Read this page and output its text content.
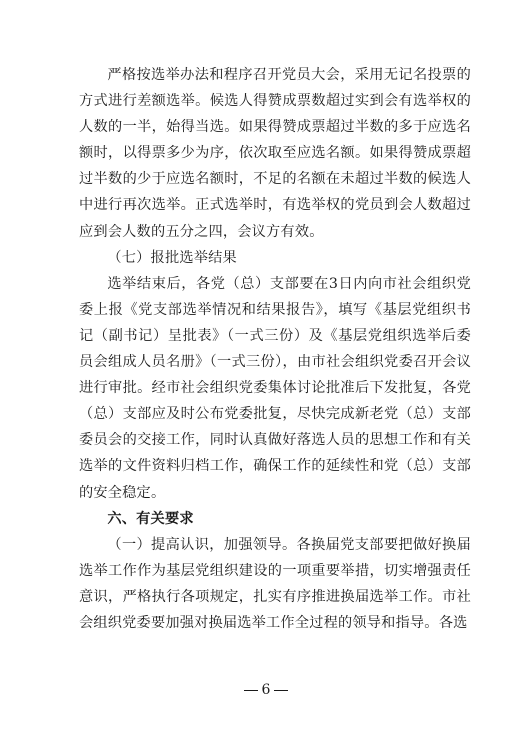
严格按选举办法和程序召开党员大会，采用无记名投票的方式进行差额选举。候选人得赞成票数超过实到会有选举权的人数的一半，始得当选。如果得赞成票超过半数的多于应选名额时，以得票多少为序，依次取至应选名额。如果得赞成票超过半数的少于应选名额时，不足的名额在未超过半数的候选人中进行再次选举。正式选举时，有选举权的党员到会人数超过应到会人数的五分之四，会议方有效。

（七）报批选举结果

选举结束后，各党（总）支部要在3日内向市社会组织党委上报《党支部选举情况和结果报告》，填写《基层党组织书记（副书记）呈批表》（一式三份）及《基层党组织选举后委员会组成人员名册》（一式三份），由市社会组织党委召开会议进行审批。经市社会组织党委集体讨论批准后下发批复，各党（总）支部应及时公布党委批复，尽快完成新老党（总）支部委员会的交接工作，同时认真做好落选人员的思想工作和有关选举的文件资料归档工作，确保工作的延续性和党（总）支部的安全稳定。

六、有关要求

（一）提高认识，加强领导。各换届党支部要把做好换届选举工作作为基层党组织建设的一项重要举措，切实增强责任意识，严格执行各项规定，扎实有序推进换届选举工作。市社会组织党委要加强对换届选举工作全过程的领导和指导。各选

6
